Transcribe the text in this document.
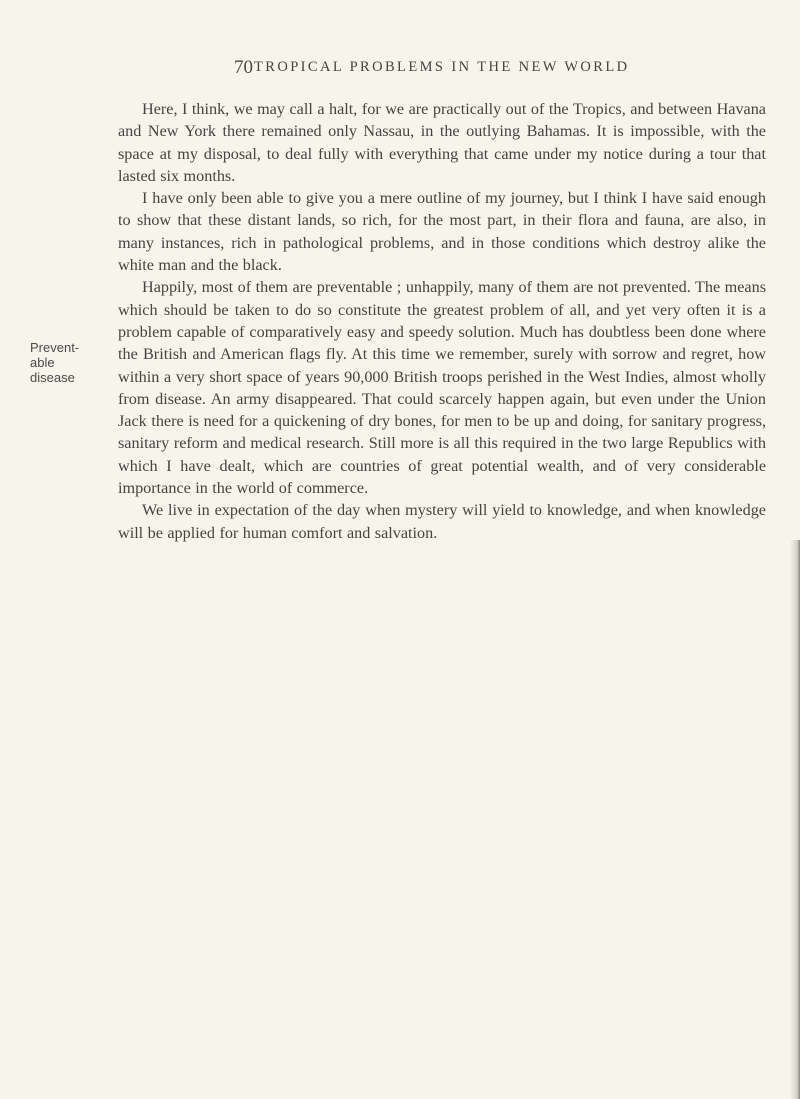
70 TROPICAL PROBLEMS IN THE NEW WORLD
Prevent-
able
disease

Here, I think, we may call a halt, for we are practically out of the Tropics, and between Havana and New York there remained only Nassau, in the outlying Bahamas. It is impossible, with the space at my disposal, to deal fully with everything that came under my notice during a tour that lasted six months.

I have only been able to give you a mere outline of my journey, but I think I have said enough to show that these distant lands, so rich, for the most part, in their flora and fauna, are also, in many instances, rich in pathological problems, and in those conditions which destroy alike the white man and the black.

Happily, most of them are preventable ; unhappily, many of them are not prevented. The means which should be taken to do so constitute the greatest problem of all, and yet very often it is a problem capable of comparatively easy and speedy solution. Much has doubtless been done where the British and American flags fly. At this time we remember, surely with sorrow and regret, how within a very short space of years 90,000 British troops perished in the West Indies, almost wholly from disease. An army disappeared. That could scarcely happen again, but even under the Union Jack there is need for a quickening of dry bones, for men to be up and doing, for sanitary progress, sanitary reform and medical research. Still more is all this required in the two large Republics with which I have dealt, which are countries of great potential wealth, and of very considerable importance in the world of commerce.

We live in expectation of the day when mystery will yield to knowledge, and when knowledge will be applied for human comfort and salvation.
